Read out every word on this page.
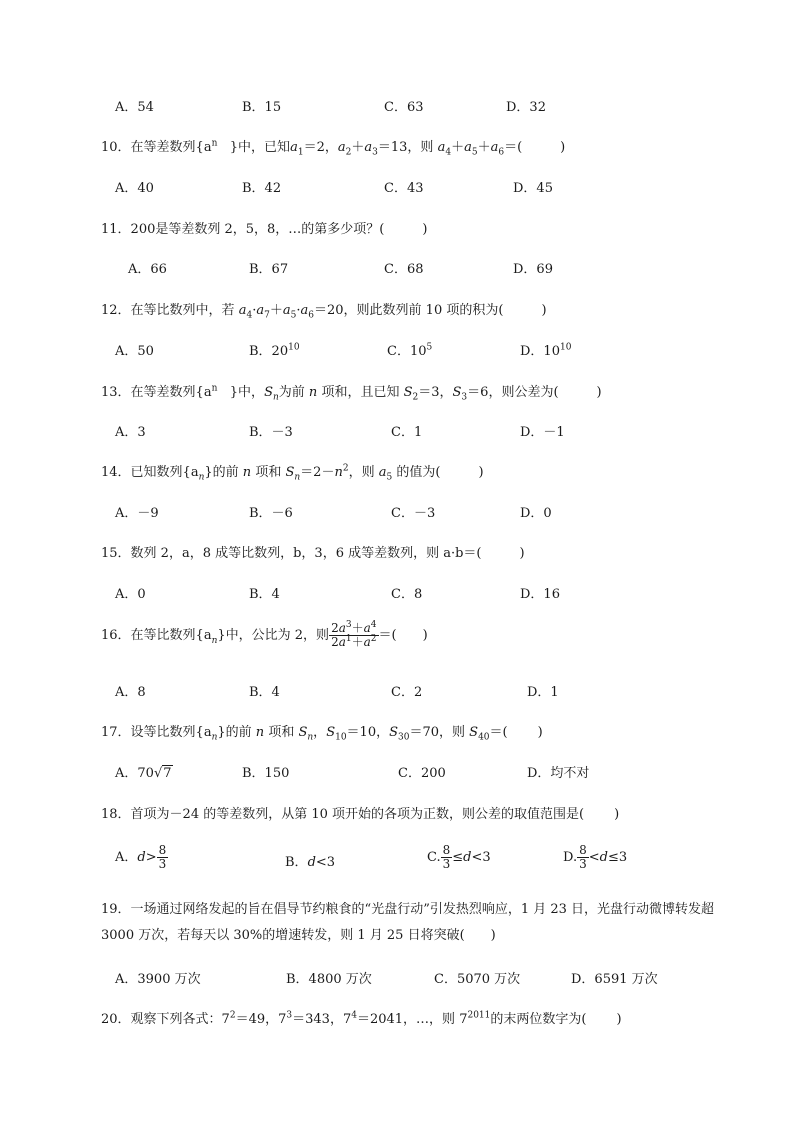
A．54	B．15	C．63	D．32
10．在等差数列{$a^n$ }中，已知$a_1=2$，$a_2+a_3=13$，则 $a_4+a_5+a_6=$(	)
A．40	B．42	C．43	D．45
11．200是等差数列 2，5，8，…的第多少项？(	)
A．66	B．67	C．68	D．69
12．在等比数列中，若 $a_4\cdot a_7+a_5\cdot a_6=20$，则此数列前 10 项的积为(	)
A．50	B．$20^{10}$	C．$10^5$	D．$10^{10}$
13．在等差数列{$a^n$ }中，$S_n$为前 n 项和，且已知 $S_2=3$，$S_3=6$，则公差为(	)
A．3	B．－3	C．1	D．－1
14．已知数列$\{a_n\}$的前 n 项和 $S_n=2-n^2$，则 $a_5$ 的值为(	)
A．－9	B．－6	C．－3	D．0
15．数列 2，a，8 成等比数列，b，3，6 成等差数列，则 a·b＝(	)
A．0	B．4	C．8	D．16
16．在等比数列$\{a_n\}$中，公比为 2，则 $\frac{2a^3+a^4}{2a^1+a^2}$ ＝( )
A．8	B．4	C．2	D．1
17．设等比数列$\{a_n\}$的前 n 项和 $S_n$，$S_{10}=10$，$S_{30}=70$，则 $S_{40}=$( )
A．70√7	B．150	C．200	D．均不对
18．首项为－24 的等差数列，从第 10 项开始的各项为正数，则公差的取值范围是( )
A．$d> \frac{8}{3}$	B．d<3	C. $\frac{8}{3} \le d<3$	D. $\frac{8}{3} <d\le 3$
19．一场通过网络发起的旨在倡导节约粮食的“光盘行动”引发热烈响应，1 月 23 日，光盘行动微博转发超 3000 万次，若每天以 30%的增速转发，则 1 月 25 日将突破( )
A．3900 万次	B．4800 万次	C．5070 万次	D．6591 万次
20．观察下列各式：$7^2=49$，$7^3=343$，$7^4=2041$，…，则 $7^{2011}$的末两位数字为( )
